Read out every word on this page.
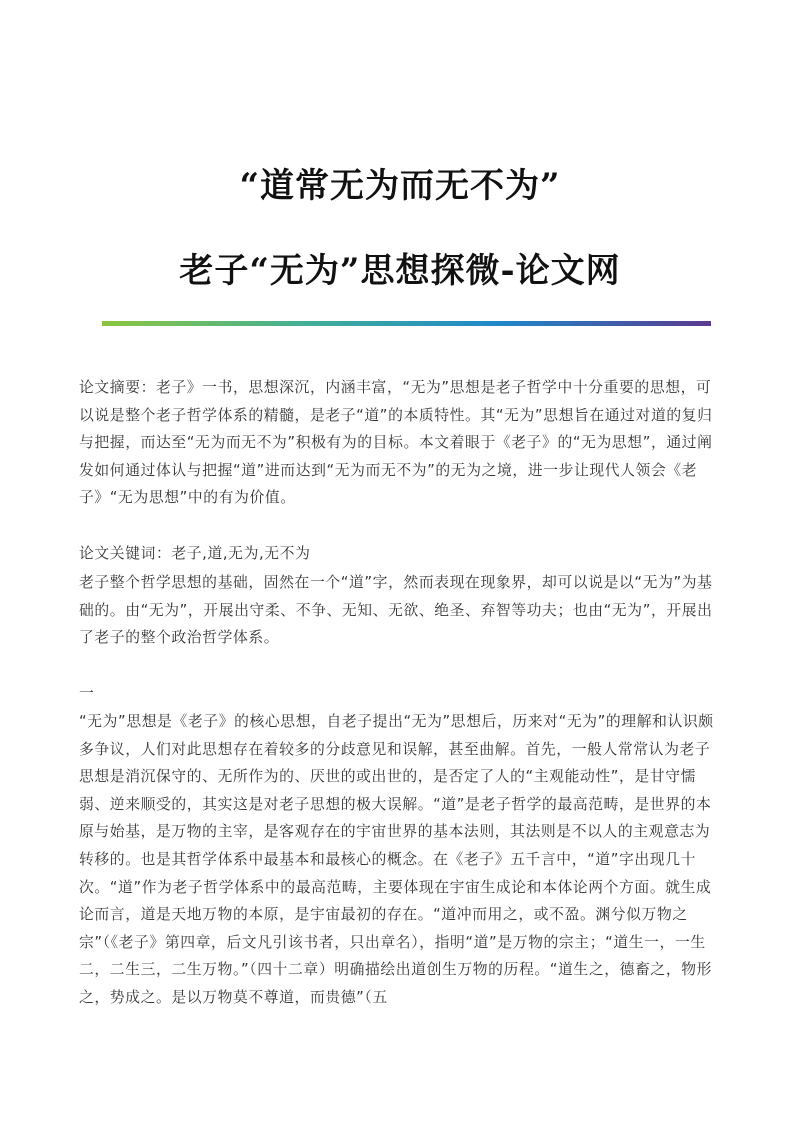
“道常无为而无不为”
老子“无为”思想探微-论文网

论文摘要：老子》一书，思想深沉，内涵丰富，“无为”思想是老子哲学中十分重要的思想，可以说是整个老子哲学体系的精髓，是老子“道”的本质特性。其“无为”思想旨在通过对道的复归与把握，而达至“无为而无不为”积极有为的目标。本文着眼于《老子》的“无为思想”，通过阐发如何通过体认与把握“道”进而达到“无为而无不为”的无为之境，进一步让现代人领会《老子》“无为思想”中的有为价值。

论文关键词：老子,道,无为,无不为

老子整个哲学思想的基础，固然在一个“道”字，然而表现在现象界，却可以说是以“无为”为基础的。由“无为”，开展出守柔、不争、无知、无欲、绝圣、弃智等功夫；也由“无为”，开展出了老子的整个政治哲学体系。

一

“无为”思想是《老子》的核心思想，自老子提出“无为”思想后，历来对“无为”的理解和认识颇多争议，人们对此思想存在着较多的分歧意见和误解，甚至曲解。首先，一般人常常认为老子思想是消沉保守的、无所作为的、厌世的或出世的，是否定了人的“主观能动性”，是甘守懦弱、逆来顺受的，其实这是对老子思想的极大误解。“道”是老子哲学的最高范畴，是世界的本原与始基，是万物的主宰，是客观存在的宇宙世界的基本法则，其法则是不以人的主观意志为转移的。也是其哲学体系中最基本和最核心的概念。在《老子》五千言中，“道”字出现几十次。“道”作为老子哲学体系中的最高范畴，主要体现在宇宙生成论和本体论两个方面。就生成论而言，道是天地万物的本原，是宇宙最初的存在。“道冲而用之，或不盈。渊兮似万物之宗”（《老子》第四章，后文凡引该书者，只出章名），指明“道”是万物的宗主；“道生一，一生二，二生三，二生万物。”（四十二章）明确描绘出道创生万物的历程。“道生之，德畜之，物形之，势成之。是以万物莫不尊道，而贵德”（五
